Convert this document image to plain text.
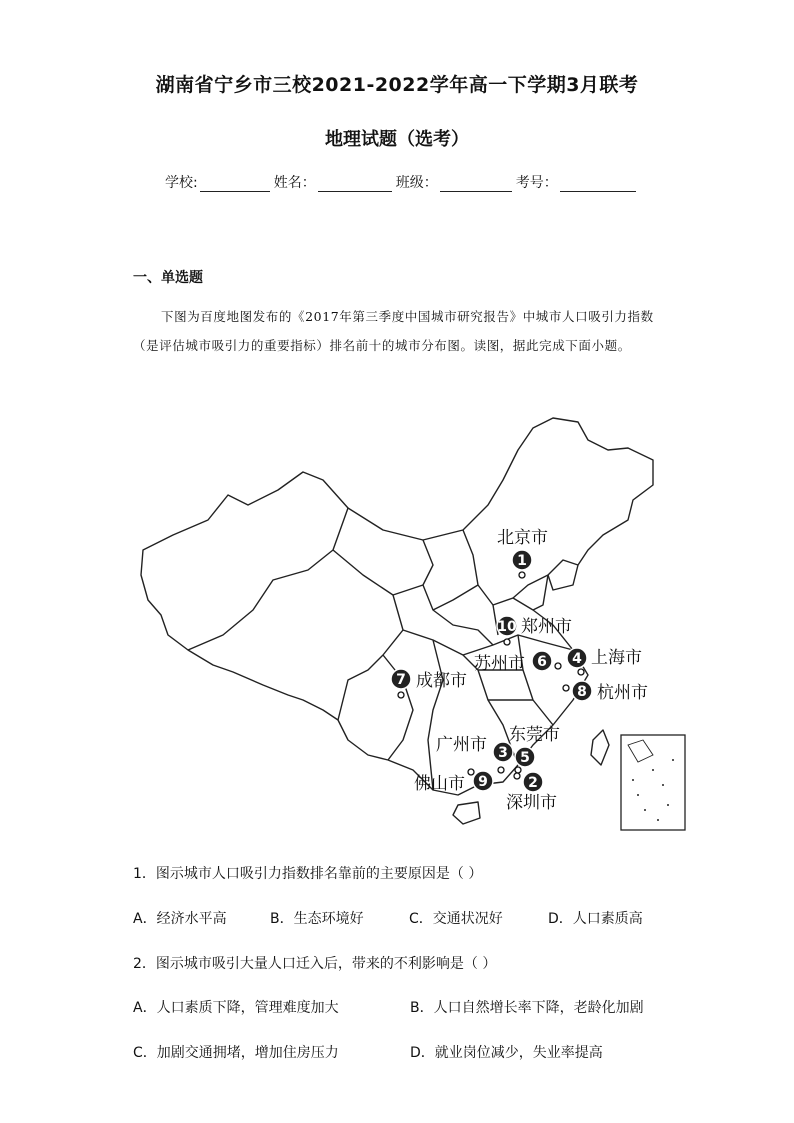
湖南省宁乡市三校2021-2022学年高一下学期3月联考
地理试题（选考）
学校:	姓名：	班级：	考号：
一、单选题
下图为百度地图发布的《2017年第三季度中国城市研究报告》中城市人口吸引力指数（是评估城市吸引力的重要指标）排名前十的城市分布图。读图，据此完成下面小题。
1
北京市
2
深圳市
3
广州市
4 上海市
5
东莞市
6
苏州市
7 成都市
8 杭州市
9
佛山市
10 郑州市
1．图示城市人口吸引力指数排名靠前的主要原因是（ ）
A．经济水平高	B．生态环境好	C．交通状况好	D．人口素质高
2．图示城市吸引大量人口迁入后，带来的不利影响是（ ）
A．人口素质下降，管理难度加大	B．人口自然增长率下降，老龄化加剧
C．加剧交通拥堵，增加住房压力	D．就业岗位减少，失业率提高
